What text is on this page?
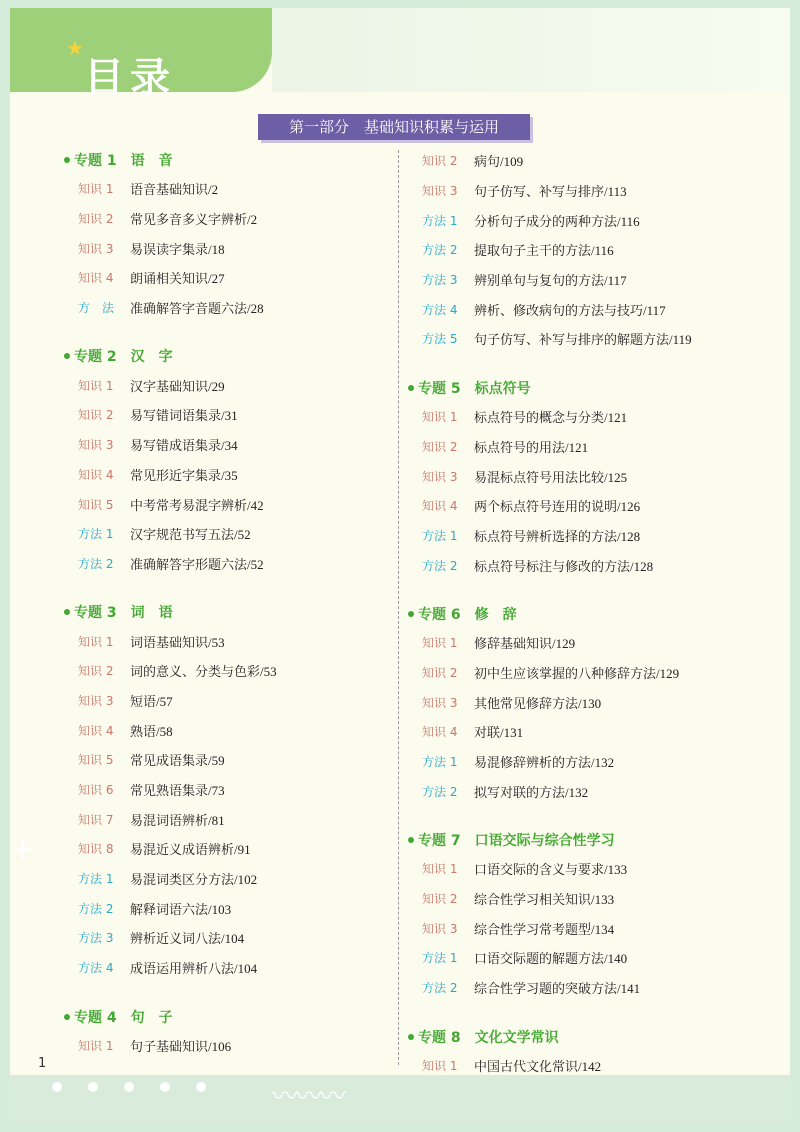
★
目录
第一部分　基础知识积累与运用
专题 1 语　音
知识 1	语音基础知识/2
知识 2	常见多音多义字辨析/2
知识 3	易误读字集录/18
知识 4	朗诵相关知识/27
方　法	准确解答字音题六法/28
专题 2 汉　字
知识 1	汉字基础知识/29
知识 2	易写错词语集录/31
知识 3	易写错成语集录/34
知识 4	常见形近字集录/35
知识 5	中考常考易混字辨析/42
方法 1	汉字规范书写五法/52
方法 2	准确解答字形题六法/52
专题 3 词　语
知识 1	词语基础知识/53
知识 2	词的意义、分类与色彩/53
知识 3	短语/57
知识 4	熟语/58
知识 5	常见成语集录/59
知识 6	常见熟语集录/73
知识 7	易混词语辨析/81
知识 8	易混近义成语辨析/91
方法 1	易混词类区分方法/102
方法 2	解释词语六法/103
方法 3	辨析近义词八法/104
方法 4	成语运用辨析八法/104
专题 4 句　子
知识 1	句子基础知识/106
知识 2	病句/109
知识 3	句子仿写、补写与排序/113
方法 1	分析句子成分的两种方法/116
方法 2	提取句子主干的方法/116
方法 3	辨别单句与复句的方法/117
方法 4	辨析、修改病句的方法与技巧/117
方法 5	句子仿写、补写与排序的解题方法/119
专题 5 标点符号
知识 1	标点符号的概念与分类/121
知识 2	标点符号的用法/121
知识 3	易混标点符号用法比较/125
知识 4	两个标点符号连用的说明/126
方法 1	标点符号辨析选择的方法/128
方法 2	标点符号标注与修改的方法/128
专题 6 修　辞
知识 1	修辞基础知识/129
知识 2	初中生应该掌握的八种修辞方法/129
知识 3	其他常见修辞方法/130
知识 4	对联/131
方法 1	易混修辞辨析的方法/132
方法 2	拟写对联的方法/132
专题 7 口语交际与综合性学习
知识 1	口语交际的含义与要求/133
知识 2	综合性学习相关知识/133
知识 3	综合性学习常考题型/134
方法 1	口语交际题的解题方法/140
方法 2	综合性学习题的突破方法/141
专题 8 文化文学常识
知识 1	中国古代文化常识/142
+
〰〰〰
1
